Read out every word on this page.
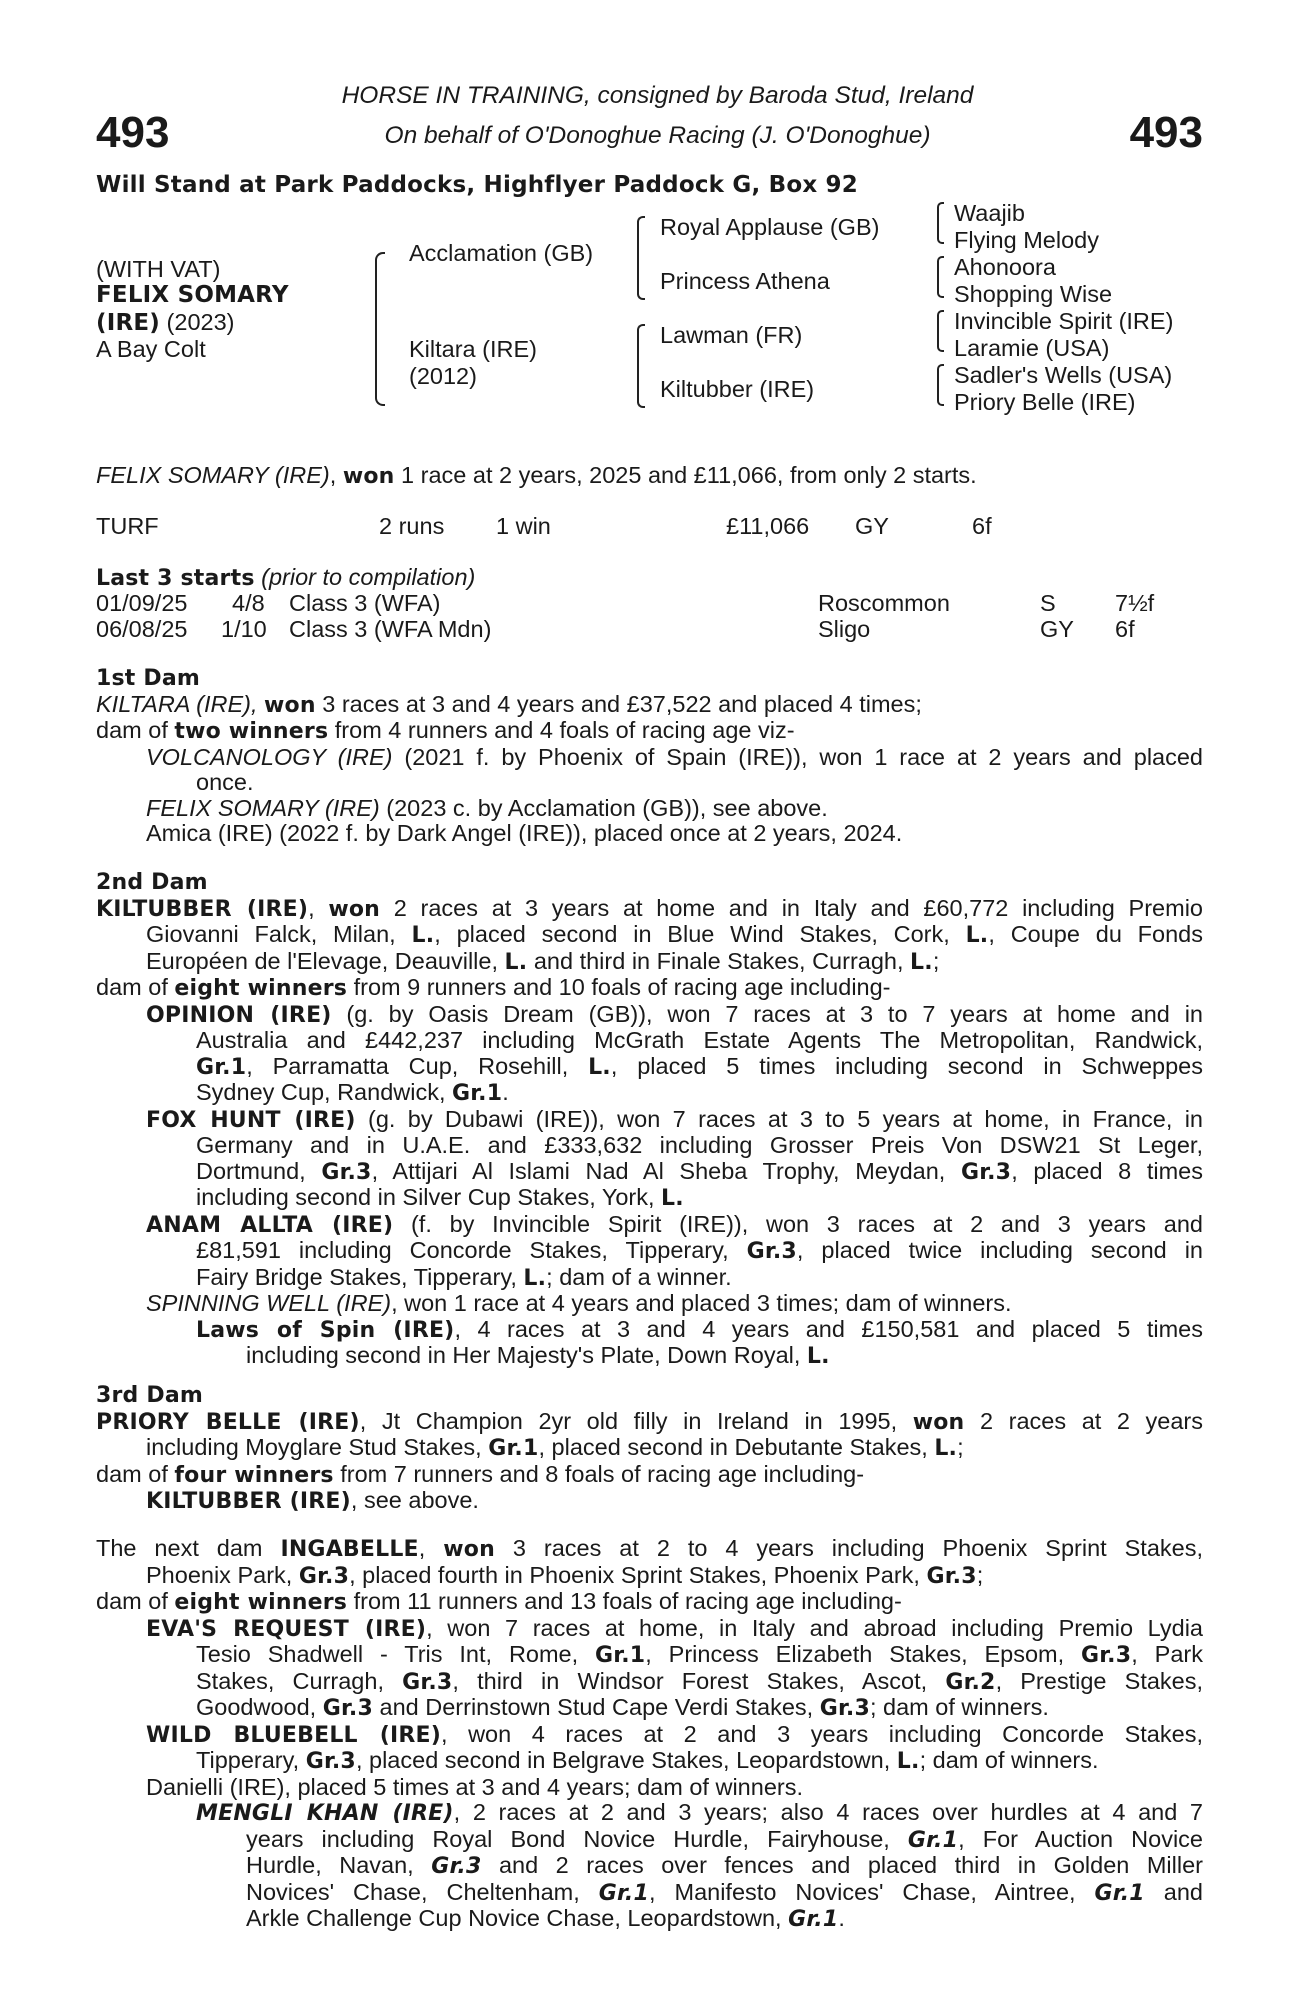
493	493
HORSE IN TRAINING, consigned by Baroda Stud, Ireland
On behalf of O'Donoghue Racing (J. O'Donoghue)
Will Stand at Park Paddocks, Highflyer Paddock G, Box 92
(WITH VAT)
FELIX SOMARY
(IRE) (2023)
A Bay Colt
Acclamation (GB)
Kiltara (IRE)
(2012)
Royal Applause (GB)
Princess Athena
Lawman (FR)
Kiltubber (IRE)
Waajib
Flying Melody
Ahonoora
Shopping Wise
Invincible Spirit (IRE)
Laramie (USA)
Sadler's Wells (USA)
Priory Belle (IRE)
FELIX SOMARY (IRE), won 1 race at 2 years, 2025 and £11,066, from only 2 starts.
TURF	2 runs 1 win	£11,066 GY	6f
Last 3 starts (prior to compilation)
01/09/25 4/8 Class 3 (WFA)	Roscommon	S	7½f
06/08/25 1/10 Class 3 (WFA Mdn)	Sligo	GY 6f
1st Dam
KILTARA (IRE), won 3 races at 3 and 4 years and £37,522 and placed 4 times;
dam of two winners from 4 runners and 4 foals of racing age viz-
VOLCANOLOGY (IRE) (2021 f. by Phoenix of Spain (IRE)), won 1 race at 2 years and placed
once.
FELIX SOMARY (IRE) (2023 c. by Acclamation (GB)), see above.
Amica (IRE) (2022 f. by Dark Angel (IRE)), placed once at 2 years, 2024.
2nd Dam
KILTUBBER (IRE), won 2 races at 3 years at home and in Italy and £60,772 including Premio
Giovanni Falck, Milan, L., placed second in Blue Wind Stakes, Cork, L., Coupe du Fonds
Européen de l'Elevage, Deauville, L. and third in Finale Stakes, Curragh, L.;
dam of eight winners from 9 runners and 10 foals of racing age including-
OPINION (IRE) (g. by Oasis Dream (GB)), won 7 races at 3 to 7 years at home and in
Australia and £442,237 including McGrath Estate Agents The Metropolitan, Randwick,
Gr.1, Parramatta Cup, Rosehill, L., placed 5 times including second in Schweppes
Sydney Cup, Randwick, Gr.1.
FOX HUNT (IRE) (g. by Dubawi (IRE)), won 7 races at 3 to 5 years at home, in France, in
Germany and in U.A.E. and £333,632 including Grosser Preis Von DSW21 St Leger,
Dortmund, Gr.3, Attijari Al Islami Nad Al Sheba Trophy, Meydan, Gr.3, placed 8 times
including second in Silver Cup Stakes, York, L.
ANAM ALLTA (IRE) (f. by Invincible Spirit (IRE)), won 3 races at 2 and 3 years and
£81,591 including Concorde Stakes, Tipperary, Gr.3, placed twice including second in
Fairy Bridge Stakes, Tipperary, L.; dam of a winner.
SPINNING WELL (IRE), won 1 race at 4 years and placed 3 times; dam of winners.
Laws of Spin (IRE), 4 races at 3 and 4 years and £150,581 and placed 5 times
including second in Her Majesty's Plate, Down Royal, L.
3rd Dam
PRIORY BELLE (IRE), Jt Champion 2yr old filly in Ireland in 1995, won 2 races at 2 years
including Moyglare Stud Stakes, Gr.1, placed second in Debutante Stakes, L.;
dam of four winners from 7 runners and 8 foals of racing age including-
KILTUBBER (IRE), see above.
The next dam INGABELLE, won 3 races at 2 to 4 years including Phoenix Sprint Stakes,
Phoenix Park, Gr.3, placed fourth in Phoenix Sprint Stakes, Phoenix Park, Gr.3;
dam of eight winners from 11 runners and 13 foals of racing age including-
EVA'S REQUEST (IRE), won 7 races at home, in Italy and abroad including Premio Lydia
Tesio Shadwell - Tris Int, Rome, Gr.1, Princess Elizabeth Stakes, Epsom, Gr.3, Park
Stakes, Curragh, Gr.3, third in Windsor Forest Stakes, Ascot, Gr.2, Prestige Stakes,
Goodwood, Gr.3 and Derrinstown Stud Cape Verdi Stakes, Gr.3; dam of winners.
WILD BLUEBELL (IRE), won 4 races at 2 and 3 years including Concorde Stakes,
Tipperary, Gr.3, placed second in Belgrave Stakes, Leopardstown, L.; dam of winners.
Danielli (IRE), placed 5 times at 3 and 4 years; dam of winners.
MENGLI KHAN (IRE), 2 races at 2 and 3 years; also 4 races over hurdles at 4 and 7
years including Royal Bond Novice Hurdle, Fairyhouse, Gr.1, For Auction Novice
Hurdle, Navan, Gr.3 and 2 races over fences and placed third in Golden Miller
Novices' Chase, Cheltenham, Gr.1, Manifesto Novices' Chase, Aintree, Gr.1 and
Arkle Challenge Cup Novice Chase, Leopardstown, Gr.1.
